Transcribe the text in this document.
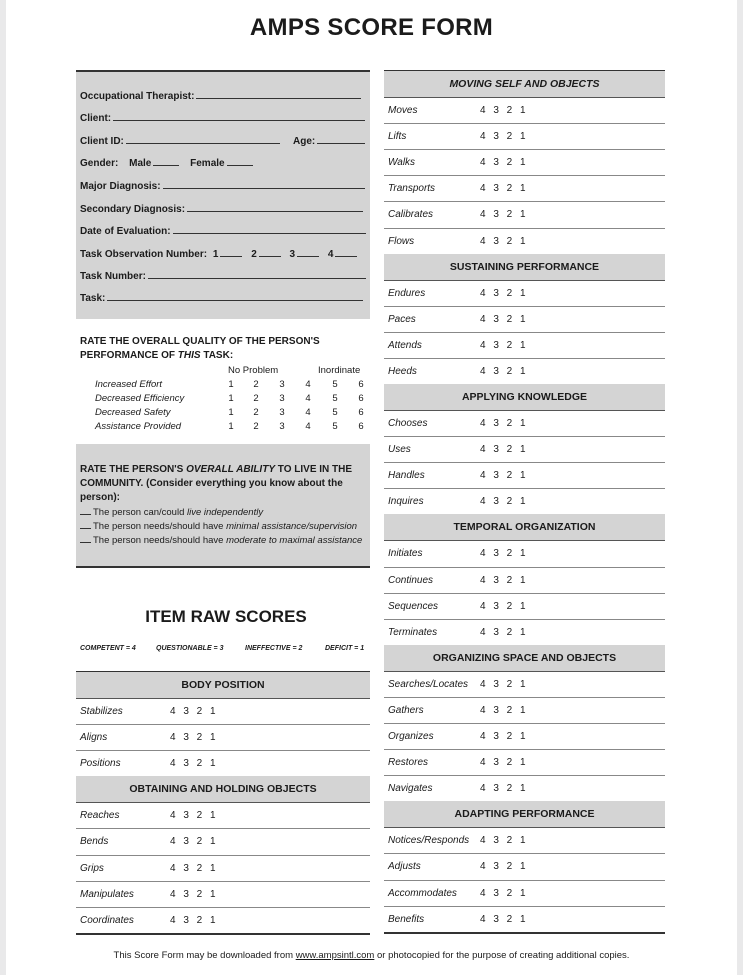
AMPS SCORE FORM
Occupational Therapist:
Client:
Client ID:	Age:
Gender: Male	Female
Major Diagnosis:
Secondary Diagnosis:
Date of Evaluation:
Task Observation Number: 1	2	3	4
Task Number:
Task:
RATE THE OVERALL QUALITY OF THE PERSON'S
PERFORMANCE OF THIS TASK:
No Problem	Inordinate
Increased Effort	1 2 3 4 5 6
Decreased Efficiency	1 2 3 4 5 6
Decreased Safety	1 2 3 4 5 6
Assistance Provided	1 2 3 4 5 6
RATE THE PERSON'S OVERALL ABILITY TO LIVE IN THE
COMMUNITY. (Consider everything you know about the
person):
The person can/could live independently
The person needs/should have minimal assistance/supervision
The person needs/should have moderate to maximal assistance
ITEM RAW SCORES
COMPETENT = 4	QUESTIONABLE = 3	INEFFECTIVE = 2	DEFICIT = 1
BODY POSITION
Stabilizes	4 3 2 1
Aligns	4 3 2 1
Positions	4 3 2 1
OBTAINING AND HOLDING OBJECTS
Reaches	4 3 2 1
Bends	4 3 2 1
Grips	4 3 2 1
Manipulates	4 3 2 1
Coordinates	4 3 2 1
MOVING SELF AND OBJECTS
Moves	4 3 2 1
Lifts	4 3 2 1
Walks	4 3 2 1
Transports	4 3 2 1
Calibrates	4 3 2 1
Flows	4 3 2 1
SUSTAINING PERFORMANCE
Endures	4 3 2 1
Paces	4 3 2 1
Attends	4 3 2 1
Heeds	4 3 2 1
APPLYING KNOWLEDGE
Chooses	4 3 2 1
Uses	4 3 2 1
Handles	4 3 2 1
Inquires	4 3 2 1
TEMPORAL ORGANIZATION
Initiates	4 3 2 1
Continues	4 3 2 1
Sequences	4 3 2 1
Terminates	4 3 2 1
ORGANIZING SPACE AND OBJECTS
Searches/Locates 4 3 2 1
Gathers	4 3 2 1
Organizes	4 3 2 1
Restores	4 3 2 1
Navigates	4 3 2 1
ADAPTING PERFORMANCE
Notices/Responds 4 3 2 1
Adjusts	4 3 2 1
Accommodates 4 3 2 1
Benefits	4 3 2 1
This Score Form may be downloaded from www.ampsintl.com or photocopied for the purpose of creating additional copies.
